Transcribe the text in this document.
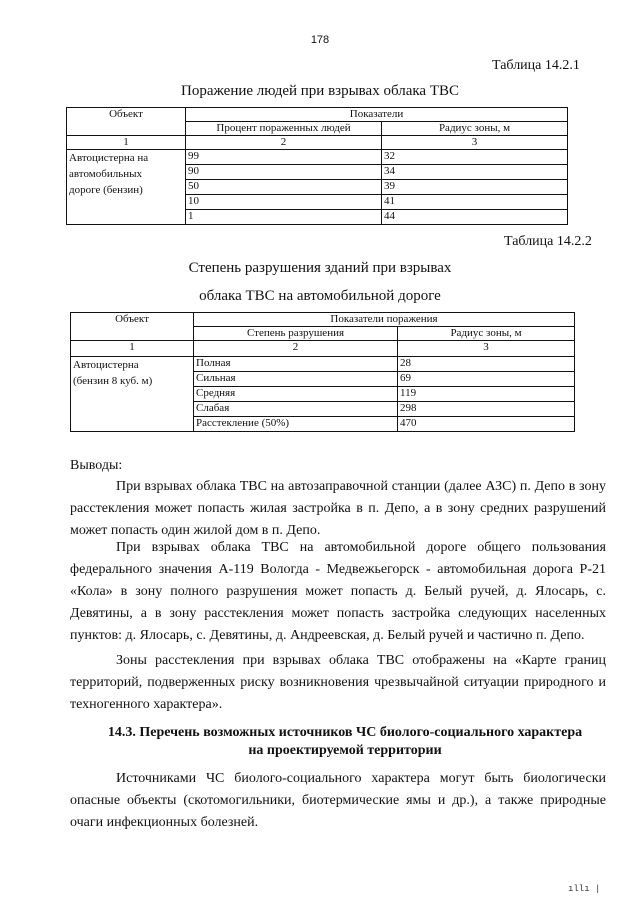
178
Таблица 14.2.1
Поражение людей при взрывах облака ТВС
Объект	Показатели	
	Процент пораженных людей	Радиус зоны, м
1	2	3

Автоцистерна на
автомобильных
дороге (бензин)	99	32
	90	34
	50	39
	10	41
	1	44
Таблица 14.2.2
Степень разрушения зданий при взрывах
облака ТВС на автомобильной дороге
Объект	Показатели поражения	
	Степень разрушения	Радиус зоны, м
1	2	3

Автоцистерна
(бензин 8 куб. м)	Полная	28
	Сильная	69
	Средняя	119
	Слабая	298
	Расстекление (50%)	470
Выводы:
При взрывах облака ТВС на автозаправочной станции (далее АЗС) п. Депо в зону расстекления может попасть жилая застройка в п. Депо, а в зону средних разрушений может попасть один жилой дом в п. Депо.
При взрывах облака ТВС на автомобильной дороге общего пользования федерального значения А-119 Вологда - Медвежьегорск - автомобильная дорога Р-21 «Кола» в зону полного разрушения может попасть д. Белый ручей, д. Ялосарь, с. Девятины, а в зону расстекления может попасть застройка следующих населенных пунктов: д. Ялосарь, с. Девятины, д. Андреевская, д. Белый ручей и частично п. Депо.
Зоны расстекления при взрывах облака ТВС отображены на «Карте границ территорий, подверженных риску возникновения чрезвычайной ситуации природного и техногенного характера».
14.3. Перечень возможных источников ЧС биолого-социального характера
на проектируемой территории
Источниками ЧС биолого-социального характера могут быть биологически опасные объекты (скотомогильники, биотермические ямы и др.), а также природные очаги инфекционных болезней.
ıllı |
